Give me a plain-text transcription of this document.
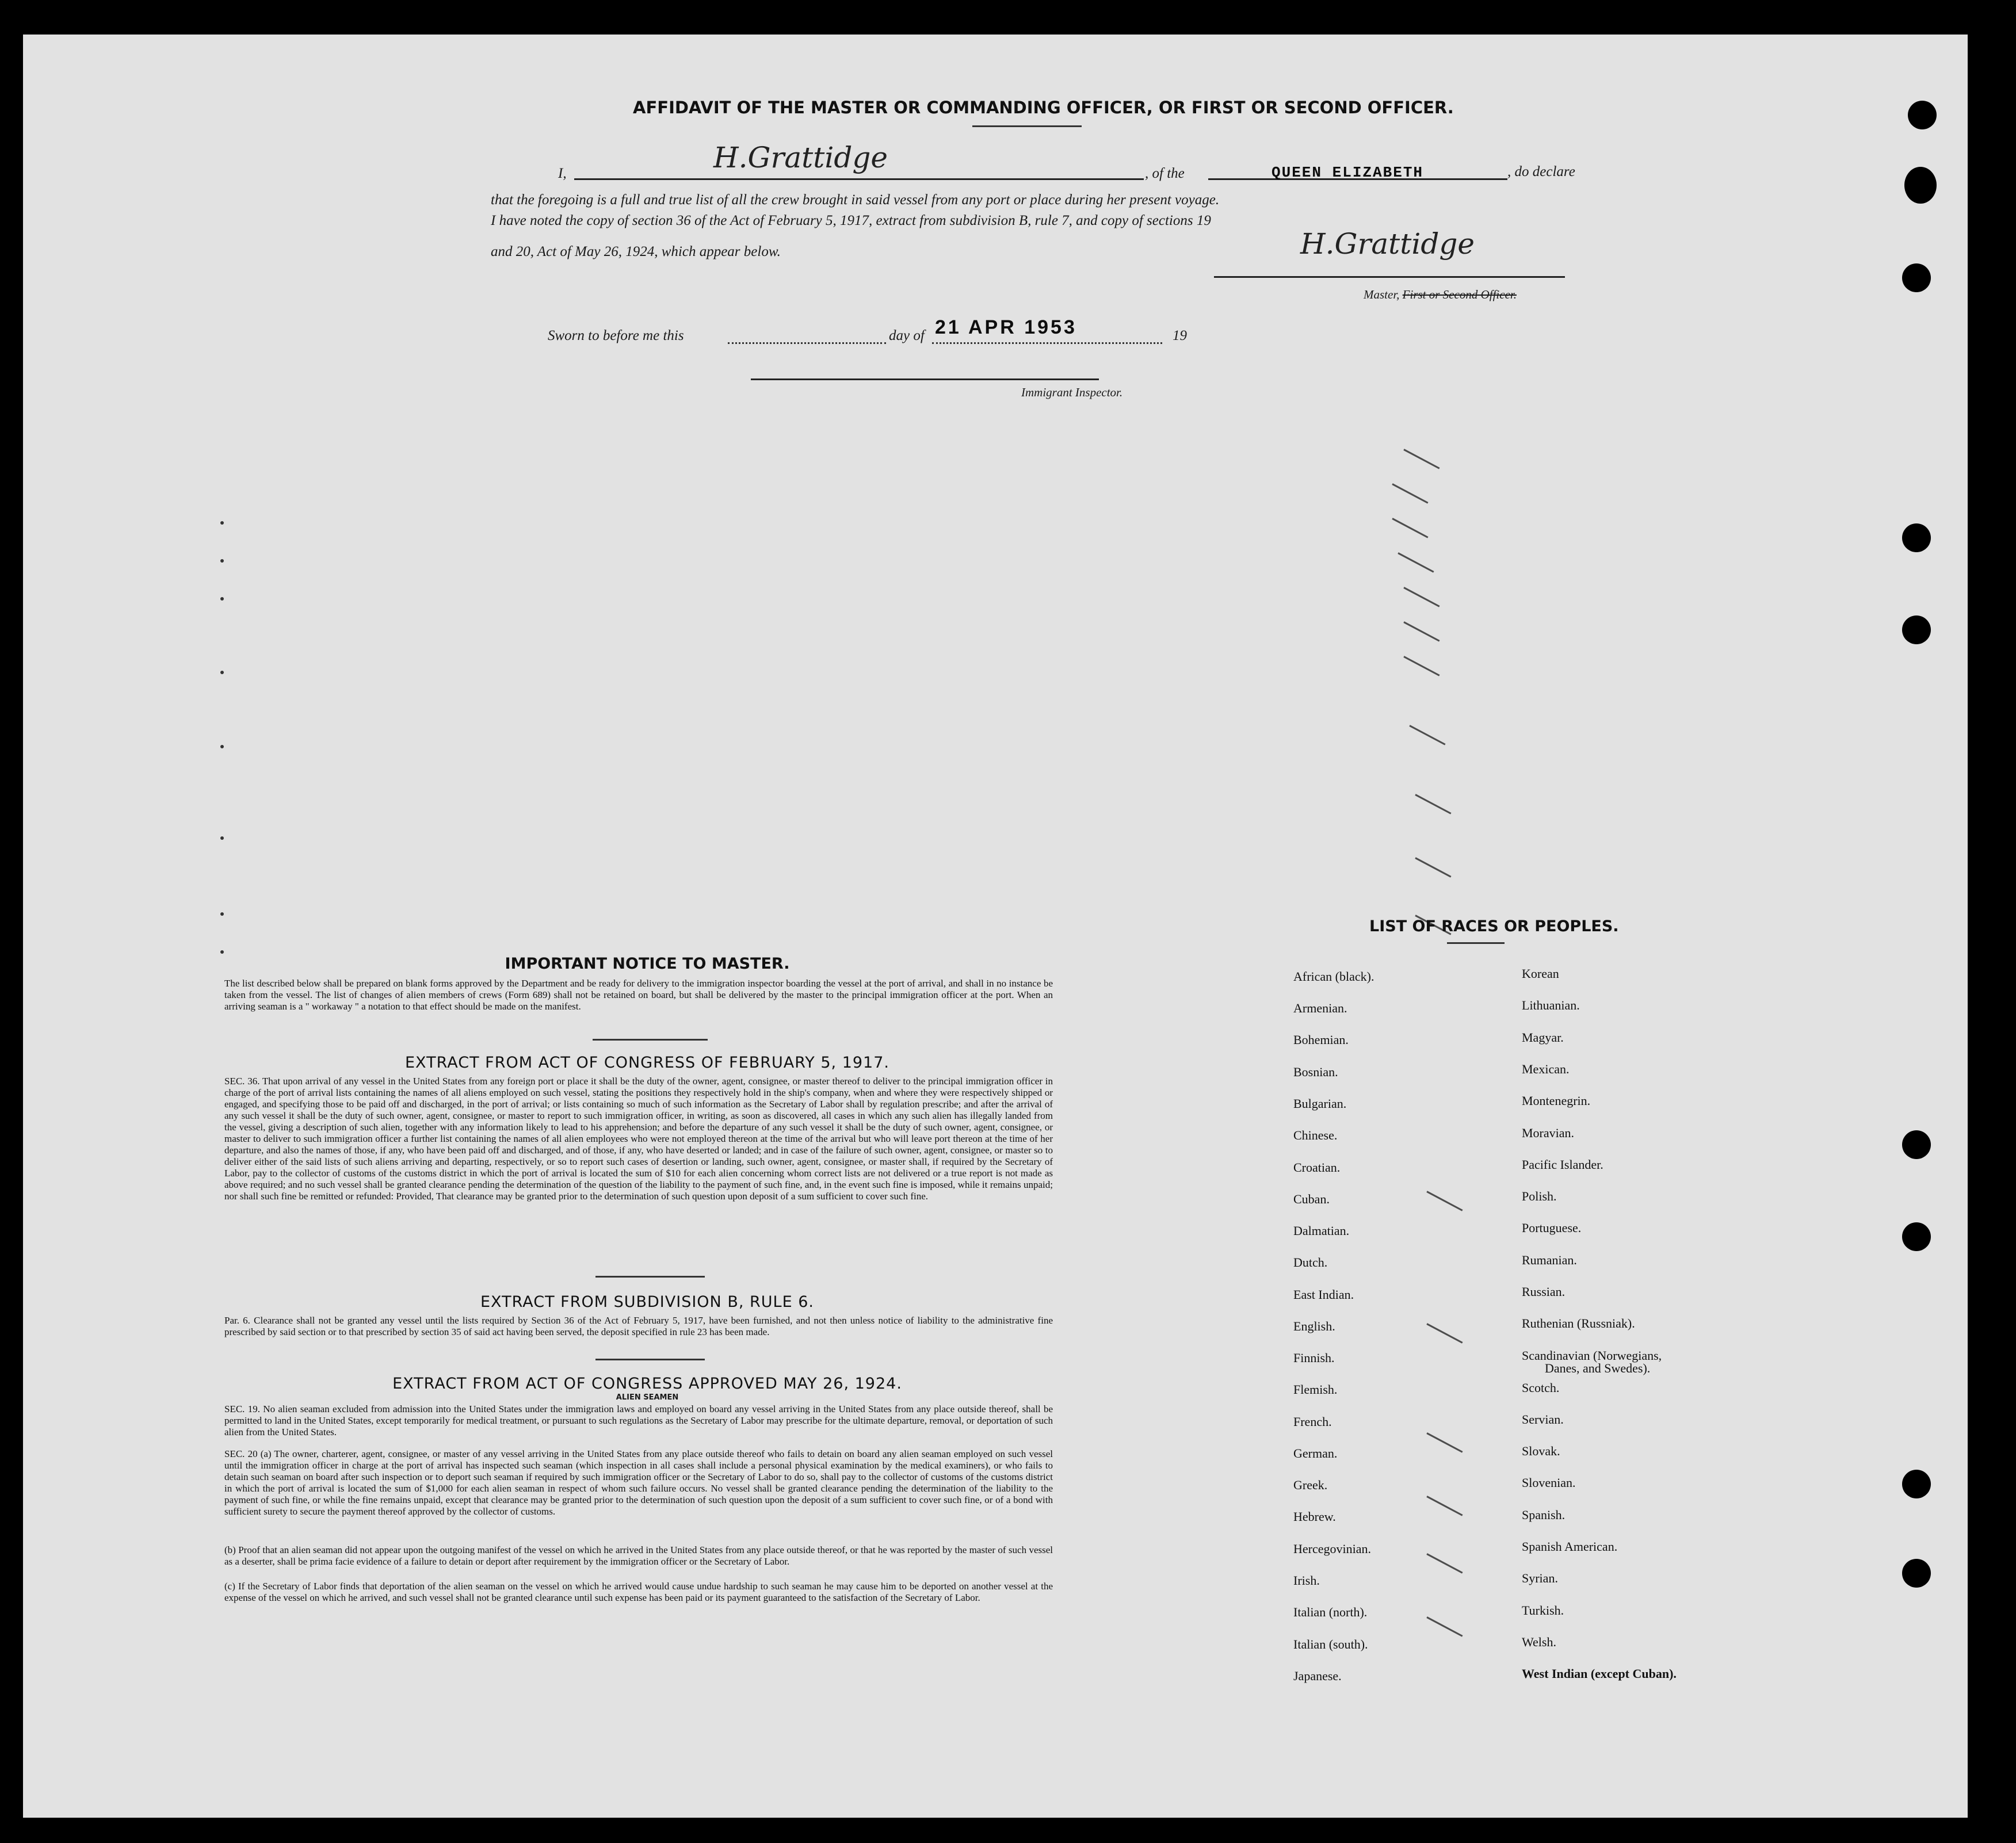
AFFIDAVIT OF THE MASTER OR COMMANDING OFFICER, OR FIRST OR SECOND OFFICER.
I,	H.Grattidge	, of the	QUEEN ELIZABETH	, do declare
that the foregoing is a full and true list of all the crew brought in said vessel from any port or place during her present voyage.
I have noted the copy of section 36 of the Act of February 5, 1917, extract from subdivision B, rule 7, and copy of sections 19
and 20, Act of May 26, 1924, which appear below.	H.Grattidge
Master, First or Second Officer.
Sworn to before me this	day of 21 APR 1953	19
Immigrant Inspector.
IMPORTANT NOTICE TO MASTER.
The list described below shall be prepared on blank forms approved by the Department and be ready for delivery to the immigration inspector boarding the vessel at the port of arrival, and shall in no instance be taken from the vessel. The list of changes of alien members of crews (Form 689) shall not be retained on board, but shall be delivered by the master to the principal immigration officer at the port. When an arriving seaman is a " workaway " a notation to that effect should be made on the manifest.
EXTRACT FROM ACT OF CONGRESS OF FEBRUARY 5, 1917.
SEC. 36. That upon arrival of any vessel in the United States from any foreign port or place it shall be the duty of the owner, agent, consignee, or master thereof to deliver to the principal immigration officer in charge of the port of arrival lists containing the names of all aliens employed on such vessel, stating the positions they respectively hold in the ship's company, when and where they were respectively shipped or engaged, and specifying those to be paid off and discharged, in the port of arrival; or lists containing so much of such information as the Secretary of Labor shall by regulation prescribe; and after the arrival of any such vessel it shall be the duty of such owner, agent, consignee, or master to report to such immigration officer, in writing, as soon as discovered, all cases in which any such alien has illegally landed from the vessel, giving a description of such alien, together with any information likely to lead to his apprehension; and before the departure of any such vessel it shall be the duty of such owner, agent, consignee, or master to deliver to such immigration officer a further list containing the names of all alien employees who were not employed thereon at the time of the arrival but who will leave port thereon at the time of her departure, and also the names of those, if any, who have been paid off and discharged, and of those, if any, who have deserted or landed; and in case of the failure of such owner, agent, consignee, or master so to deliver either of the said lists of such aliens arriving and departing, respectively, or so to report such cases of desertion or landing, such owner, agent, consignee, or master shall, if required by the Secretary of Labor, pay to the collector of customs of the customs district in which the port of arrival is located the sum of $10 for each alien concerning whom correct lists are not delivered or a true report is not made as above required; and no such vessel shall be granted clearance pending the determination of the question of the liability to the payment of such fine, and, in the event such fine is imposed, while it remains unpaid; nor shall such fine be remitted or refunded: Provided, That clearance may be granted prior to the determination of such question upon deposit of a sum sufficient to cover such fine.
EXTRACT FROM SUBDIVISION B, RULE 6.
Par. 6. Clearance shall not be granted any vessel until the lists required by Section 36 of the Act of February 5, 1917, have been furnished, and not then unless notice of liability to the administrative fine prescribed by said section or to that prescribed by section 35 of said act having been served, the deposit specified in rule 23 has been made.
EXTRACT FROM ACT OF CONGRESS APPROVED MAY 26, 1924.
ALIEN SEAMEN
SEC. 19. No alien seaman excluded from admission into the United States under the immigration laws and employed on board any vessel arriving in the United States from any place outside thereof, shall be permitted to land in the United States, except temporarily for medical treatment, or pursuant to such regulations as the Secretary of Labor may prescribe for the ultimate departure, removal, or deportation of such alien from the United States.
SEC. 20 (a) The owner, charterer, agent, consignee, or master of any vessel arriving in the United States from any place outside thereof who fails to detain on board any alien seaman employed on such vessel until the immigration officer in charge at the port of arrival has inspected such seaman (which inspection in all cases shall include a personal physical examination by the medical examiners), or who fails to detain such seaman on board after such inspection or to deport such seaman if required by such immigration officer or the Secretary of Labor to do so, shall pay to the collector of customs of the customs district in which the port of arrival is located the sum of $1,000 for each alien seaman in respect of whom such failure occurs. No vessel shall be granted clearance pending the determination of the liability to the payment of such fine, or while the fine remains unpaid, except that clearance may be granted prior to the determination of such question upon the deposit of a sum sufficient to cover such fine, or of a bond with sufficient surety to secure the payment thereof approved by the collector of customs.
(b) Proof that an alien seaman did not appear upon the outgoing manifest of the vessel on which he arrived in the United States from any place outside thereof, or that he was reported by the master of such vessel as a deserter, shall be prima facie evidence of a failure to detain or deport after requirement by the immigration officer or the Secretary of Labor.
(c) If the Secretary of Labor finds that deportation of the alien seaman on the vessel on which he arrived would cause undue hardship to such seaman he may cause him to be deported on another vessel at the expense of the vessel on which he arrived, and such vessel shall not be granted clearance until such expense has been paid or its payment guaranteed to the satisfaction of the Secretary of Labor.
LIST OF RACES OR PEOPLES.
African (black).
Armenian.
Bohemian.
Bosnian.
Bulgarian.
Chinese.
Croatian.
Cuban.
Dalmatian.
Dutch.
East Indian.
English.
Finnish.
Flemish.
French.
German.
Greek.
Hebrew.
Hercegovinian.
Irish.
Italian (north).
Italian (south).
Japanese.
Korean
Lithuanian.
Magyar.
Mexican.
Montenegrin.
Moravian.
Pacific Islander.
Polish.
Portuguese.
Rumanian.
Russian.
Ruthenian (Russniak).
Scandinavian (Norwegians,
Danes, and Swedes).
Scotch.
Servian.
Slovak.
Slovenian.
Spanish.
Spanish American.
Syrian.
Turkish.
Welsh.
West Indian (except Cuban).
